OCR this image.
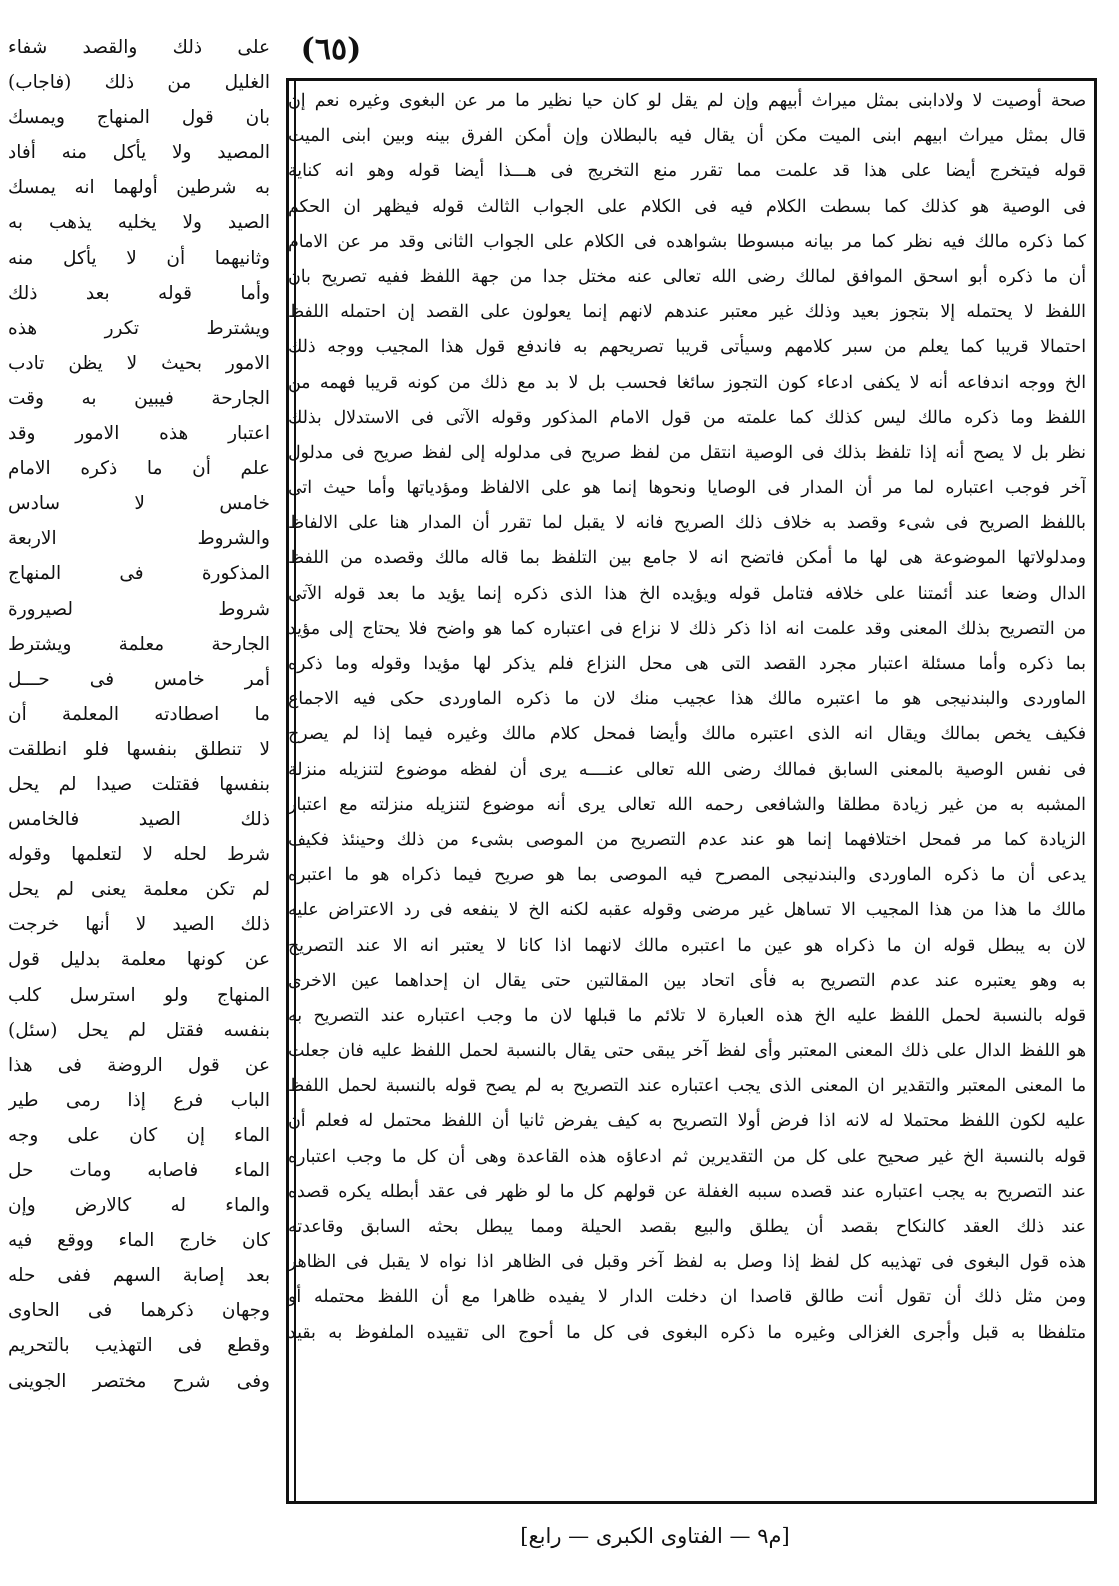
(٦٥)
صحة أوصيت لا ولادابنى بمثل ميراث أبيهم وإن لم يقل لو كان حيا نظير ما مر عن البغوى وغيره نعم إن
قال بمثل ميراث ابيهم ابنى الميت مكن أن يقال فيه بالبطلان وإن أمكن الفرق بينه وبين ابنى الميت
قوله فيتخرج أيضا على هذا قد علمت مما تقرر منع التخريج فى هـــذا أيضا قوله وهو انه كناية
فى الوصية هو كذلك كما بسطت الكلام فيه فى الكلام على الجواب الثالث قوله فيظهر ان الحكم
كما ذكره مالك فيه نظر كما مر بيانه مبسوطا بشواهده فى الكلام على الجواب الثانى وقد مر عن الامام
أن ما ذكره أبو اسحق الموافق لمالك رضى الله تعالى عنه مختل جدا من جهة اللفظ ففيه تصريح بان
اللفظ لا يحتمله إلا بتجوز بعيد وذلك غير معتبر عندهم لانهم إنما يعولون على القصد إن احتمله اللفظ
احتمالا قريبا كما يعلم من سبر كلامهم وسيأتى قريبا تصريحهم به فاندفع قول هذا المجيب ووجه ذلك
الخ ووجه اندفاعه أنه لا يكفى ادعاء كون التجوز سائغا فحسب بل لا بد مع ذلك من كونه قريبا فهمه من
اللفظ وما ذكره مالك ليس كذلك كما علمته من قول الامام المذكور وقوله الآتى فى الاستدلال بذلك
نظر بل لا يصح أنه إذا تلفظ بذلك فى الوصية انتقل من لفظ صريح فى مدلوله إلى لفظ صريح فى مدلول
آخر فوجب اعتباره لما مر أن المدار فى الوصايا ونحوها إنما هو على الالفاظ ومؤدياتها وأما حيث اتى
باللفظ الصريح فى شىء وقصد به خلاف ذلك الصريح فانه لا يقبل لما تقرر أن المدار هنا على الالفاظ
ومدلولاتها الموضوعة هى لها ما أمكن فاتضح انه لا جامع بين التلفظ بما قاله مالك وقصده من اللفظ
الدال وضعا عند أئمتنا على خلافه فتامل قوله ويؤيده الخ هذا الذى ذكره إنما يؤيد ما بعد قوله الآتى
من التصريح بذلك المعنى وقد علمت انه اذا ذكر ذلك لا نزاع فى اعتباره كما هو واضح فلا يحتاج إلى مؤيد
بما ذكره وأما مسئلة اعتبار مجرد القصد التى هى محل النزاع فلم يذكر لها مؤيدا وقوله وما ذكره
الماوردى والبندنيجى هو ما اعتبره مالك هذا عجيب منك لان ما ذكره الماوردى حكى فيه الاجماع
فكيف يخص بمالك ويقال انه الذى اعتبره مالك وأيضا فمحل كلام مالك وغيره فيما إذا لم يصرح
فى نفس الوصية بالمعنى السابق فمالك رضى الله تعالى عنــــه يرى أن لفظه موضوع لتنزيله منزلة
المشبه به من غير زيادة مطلقا والشافعى رحمه الله تعالى يرى أنه موضوع لتنزيله منزلته مع اعتبار
الزيادة كما مر فمحل اختلافهما إنما هو عند عدم التصريح من الموصى بشىء من ذلك وحينئذ فكيف
يدعى أن ما ذكره الماوردى والبندنيجى المصرح فيه الموصى بما هو صريح فيما ذكراه هو ما اعتبره
مالك ما هذا من هذا المجيب الا تساهل غير مرضى وقوله عقبه لكنه الخ لا ينفعه فى رد الاعتراض عليه
لان به يبطل قوله ان ما ذكراه هو عين ما اعتبره مالك لانهما اذا كانا لا يعتبر انه الا عند التصريح
به وهو يعتبره عند عدم التصريح به فأى اتحاد بين المقالتين حتى يقال ان إحداهما عين الاخرى
قوله بالنسبة لحمل اللفظ عليه الخ هذه العبارة لا تلائم ما قبلها لان ما وجب اعتباره عند التصريح به
هو اللفظ الدال على ذلك المعنى المعتبر وأى لفظ آخر يبقى حتى يقال بالنسبة لحمل اللفظ عليه فان جعلت
ما المعنى المعتبر والتقدير ان المعنى الذى يجب اعتباره عند التصريح به لم يصح قوله بالنسبة لحمل اللفظ
عليه لكون اللفظ محتملا له لانه اذا فرض أولا التصريح به كيف يفرض ثانيا أن اللفظ محتمل له فعلم أن
قوله بالنسبة الخ غير صحيح على كل من التقديرين ثم ادعاؤه هذه القاعدة وهى أن كل ما وجب اعتباره
عند التصريح به يجب اعتباره عند قصده سببه الغفلة عن قولهم كل ما لو ظهر فى عقد أبطله يكره قصده
عند ذلك العقد كالنكاح بقصد أن يطلق والبيع بقصد الحيلة ومما يبطل بحثه السابق وقاعدته
هذه قول البغوى فى تهذيبه كل لفظ إذا وصل به لفظ آخر وقبل فى الظاهر اذا نواه لا يقبل فى الظاهر
ومن مثل ذلك أن تقول أنت طالق قاصدا ان دخلت الدار لا يفيده ظاهرا مع أن اللفظ محتمله أو
متلفظا به قبل وأجرى الغزالى وغيره ما ذكره البغوى فى كل ما أحوج الى تقييده الملفوظ به بقيد
على ذلك والقصد شفاء
الغليل من ذلك (فاجاب)
بان قول المنهاج ويمسك
المصيد ولا يأكل منه أفاد
به شرطين أولهما انه يمسك
الصيد ولا يخليه يذهب به
وثانيهما أن لا يأكل منه
وأما قوله بعد ذلك
ويشترط تكرر هذه
الامور بحيث لا يظن تادب
الجارحة فيبين به وقت
اعتبار هذه الامور وقد
علم أن ما ذكره الامام
خامس لا سادس
والشروط الاربعة
المذكورة فى المنهاج
شروط لصيرورة
الجارحة معلمة ويشترط
أمر خامس فى حـــل
ما اصطادته المعلمة أن
لا تنطلق بنفسها فلو انطلقت
بنفسها فقتلت صيدا لم يحل
ذلك الصيد فالخامس
شرط لحله لا لتعلمها وقوله
لم تكن معلمة يعنى لم يحل
ذلك الصيد لا أنها خرجت
عن كونها معلمة بدليل قول
المنهاج ولو استرسل كلب
بنفسه فقتل لم يحل (سئل)
عن قول الروضة فى هذا
الباب فرع إذا رمى طير
الماء إن كان على وجه
الماء فاصابه ومات حل
والماء له كالارض وإن
كان خارج الماء ووقع فيه
بعد إصابة السهم ففى حله
وجهان ذكرهما فى الحاوى
وقطع فى التهذيب بالتحريم
وفى شرح مختصر الجوينى
[م٩ — الفتاوى الكبرى — رابع]
